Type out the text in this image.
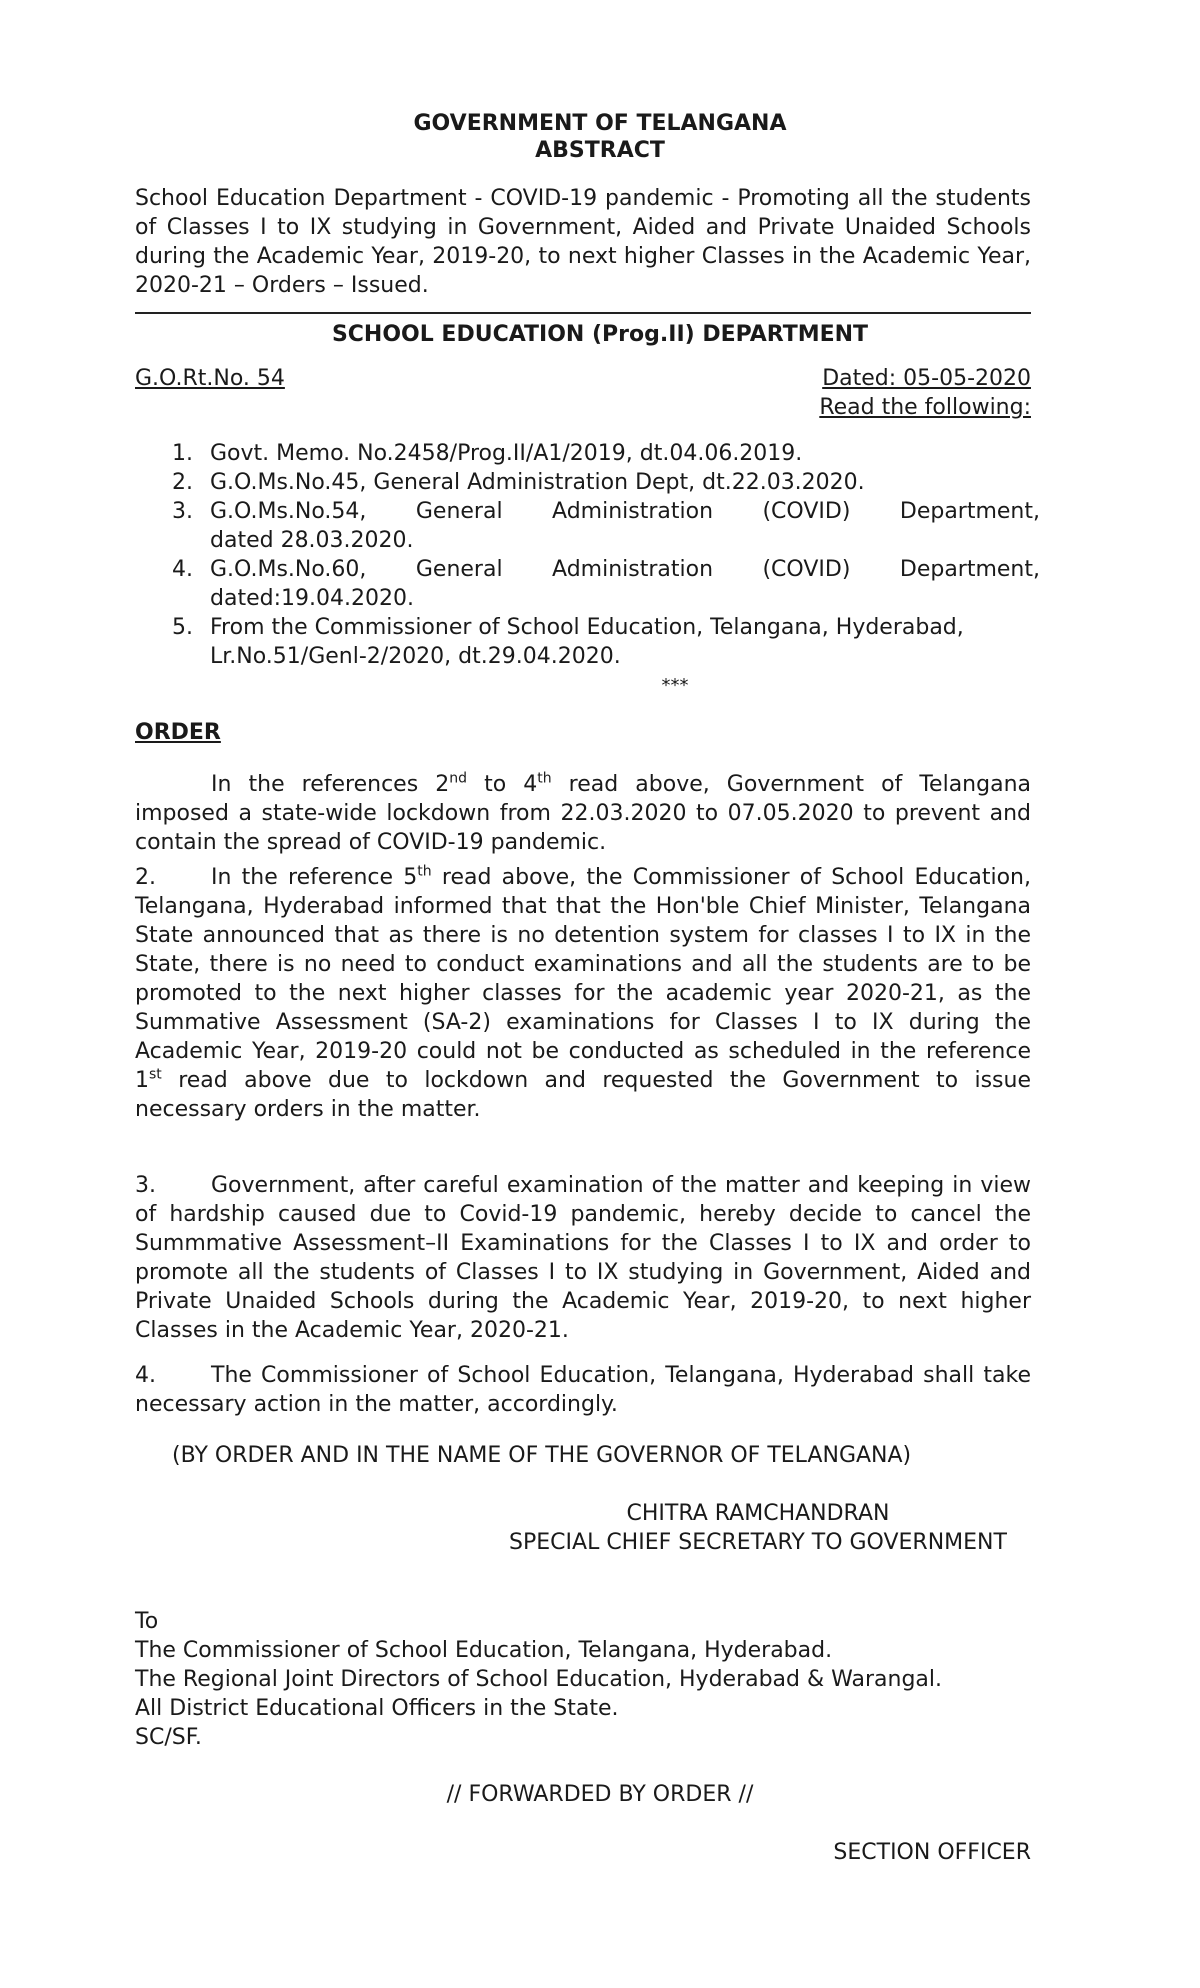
GOVERNMENT OF TELANGANA
ABSTRACT
School Education Department - COVID-19 pandemic - Promoting all the students of Classes I to IX studying in Government, Aided and Private Unaided Schools during the Academic Year, 2019-20, to next higher Classes in the Academic Year, 2020-21 – Orders – Issued.
SCHOOL EDUCATION (Prog.II) DEPARTMENT
G.O.Rt.No. 54	Dated: 05-05-2020
Read the following:
1. Govt. Memo. No.2458/Prog.II/A1/2019, dt.04.06.2019.
2. G.O.Ms.No.45, General Administration Dept, dt.22.03.2020.
3. G.O.Ms.No.54, General Administration (COVID) Department,
dated 28.03.2020.
4. G.O.Ms.No.60, General Administration (COVID) Department,
dated:19.04.2020.
5. From the Commissioner of School Education, Telangana, Hyderabad,
Lr.No.51/Genl-2/2020, dt.29.04.2020.
***
ORDER
In the references 2nd to 4th read above, Government of Telangana imposed a state-wide lockdown from 22.03.2020 to 07.05.2020 to prevent and contain the spread of COVID-19 pandemic.
2.	In the reference 5th read above, the Commissioner of School Education, Telangana, Hyderabad informed that that the Hon'ble Chief Minister, Telangana State announced that as there is no detention system for classes I to IX in the State, there is no need to conduct examinations and all the students are to be promoted to the next higher classes for the academic year 2020-21, as the Summative Assessment (SA-2) examinations for Classes I to IX during the Academic Year, 2019-20 could not be conducted as scheduled in the reference 1st read above due to lockdown and requested the Government to issue necessary orders in the matter.
3.	Government, after careful examination of the matter and keeping in view of hardship caused due to Covid-19 pandemic, hereby decide to cancel the Summmative Assessment–II Examinations for the Classes I to IX and order to promote all the students of Classes I to IX studying in Government, Aided and Private Unaided Schools during the Academic Year, 2019-20, to next higher Classes in the Academic Year, 2020-21.
4.	The Commissioner of School Education, Telangana, Hyderabad shall take necessary action in the matter, accordingly.
(BY ORDER AND IN THE NAME OF THE GOVERNOR OF TELANGANA)
CHITRA RAMCHANDRAN
SPECIAL CHIEF SECRETARY TO GOVERNMENT
To
The Commissioner of School Education, Telangana, Hyderabad.
The Regional Joint Directors of School Education, Hyderabad & Warangal.
All District Educational Officers in the State.
SC/SF.
// FORWARDED BY ORDER //
SECTION OFFICER
